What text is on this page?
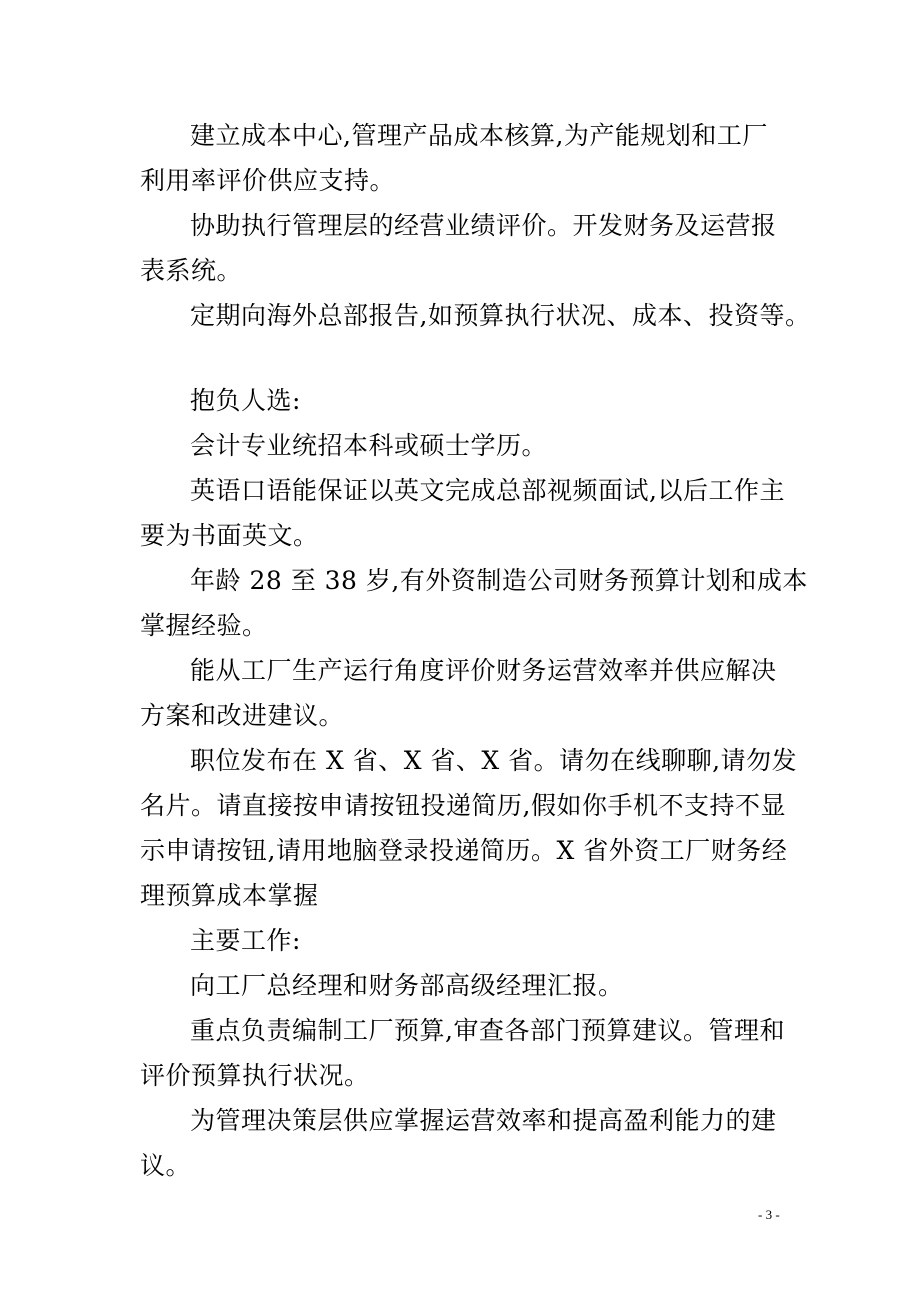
建立成本中心,管理产品成本核算,为产能规划和工厂
利用率评价供应支持。
协助执行管理层的经营业绩评价。开发财务及运营报
表系统。
定期向海外总部报告,如预算执行状况、成本、投资等。
抱负人选:
会计专业统招本科或硕士学历。
英语口语能保证以英文完成总部视频面试,以后工作主
要为书面英文。
年龄 28 至 38 岁,有外资制造公司财务预算计划和成本
掌握经验。
能从工厂生产运行角度评价财务运营效率并供应解决
方案和改进建议。
职位发布在 X 省、X 省、X 省。请勿在线聊聊,请勿发
名片。请直接按申请按钮投递简历,假如你手机不支持不显
示申请按钮,请用地脑登录投递简历。X 省外资工厂财务经
理预算成本掌握
主要工作:
向工厂总经理和财务部高级经理汇报。
重点负责编制工厂预算,审查各部门预算建议。管理和
评价预算执行状况。
为管理决策层供应掌握运营效率和提高盈利能力的建
议。
- 3 -
